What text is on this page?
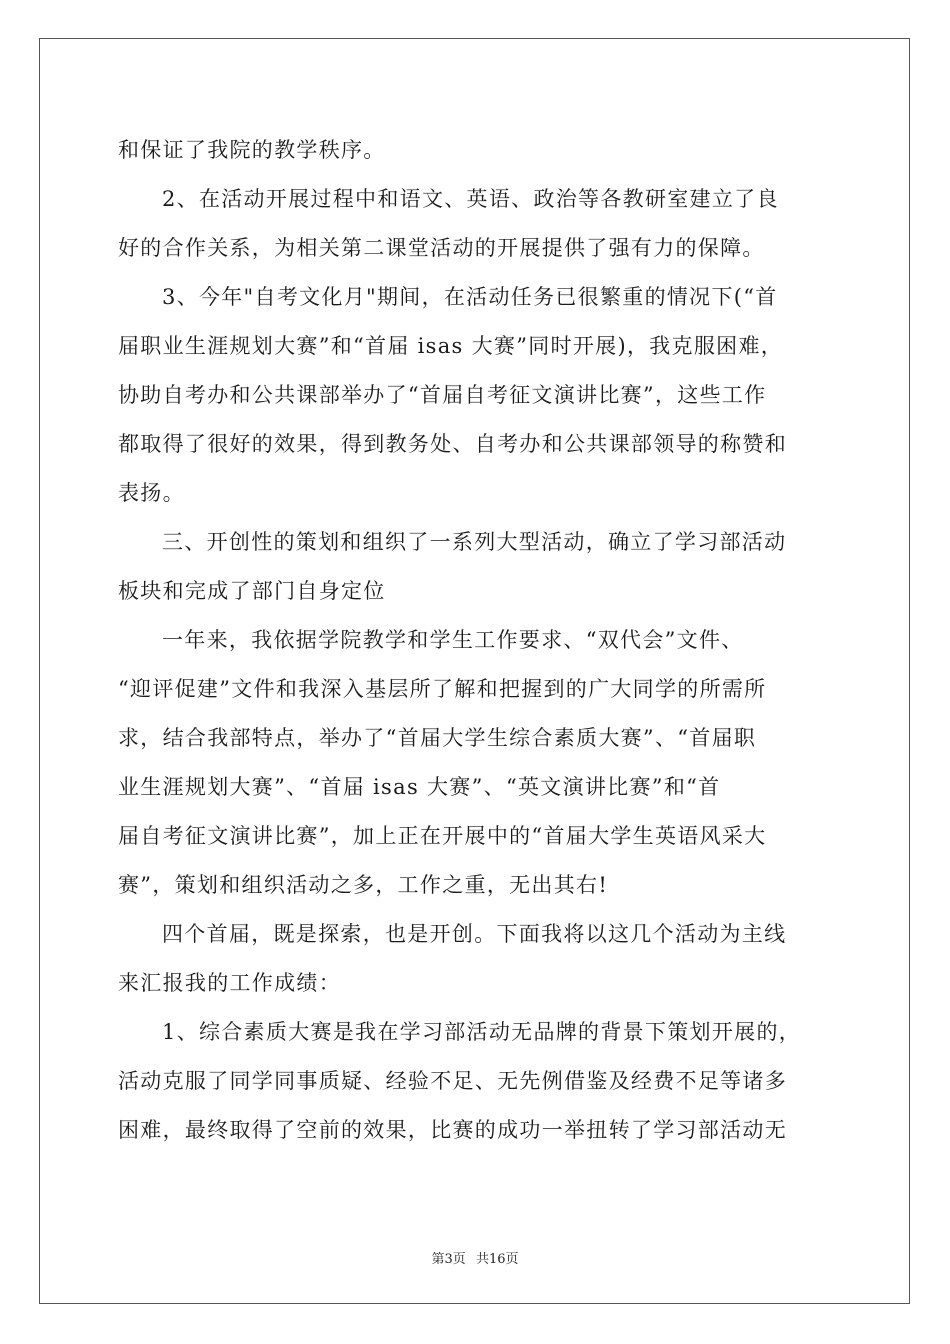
和保证了我院的教学秩序。
2、在活动开展过程中和语文、英语、政治等各教研室建立了良
好的合作关系，为相关第二课堂活动的开展提供了强有力的保障。
3、今年"自考文化月"期间，在活动任务已很繁重的情况下(“首
届职业生涯规划大赛”和“首届 isas 大赛”同时开展)，我克服困难，
协助自考办和公共课部举办了“首届自考征文演讲比赛”，这些工作
都取得了很好的效果，得到教务处、自考办和公共课部领导的称赞和
表扬。
三、开创性的策划和组织了一系列大型活动，确立了学习部活动
板块和完成了部门自身定位
一年来，我依据学院教学和学生工作要求、“双代会”文件、
“迎评促建”文件和我深入基层所了解和把握到的广大同学的所需所
求，结合我部特点，举办了“首届大学生综合素质大赛”、“首届职
业生涯规划大赛”、“首届 isas 大赛”、“英文演讲比赛”和“首
届自考征文演讲比赛”，加上正在开展中的“首届大学生英语风采大
赛”，策划和组织活动之多，工作之重，无出其右!
四个首届，既是探索，也是开创。下面我将以这几个活动为主线
来汇报我的工作成绩：
1、综合素质大赛是我在学习部活动无品牌的背景下策划开展的，
活动克服了同学同事质疑、经验不足、无先例借鉴及经费不足等诸多
困难，最终取得了空前的效果，比赛的成功一举扭转了学习部活动无
第3页 共16页
